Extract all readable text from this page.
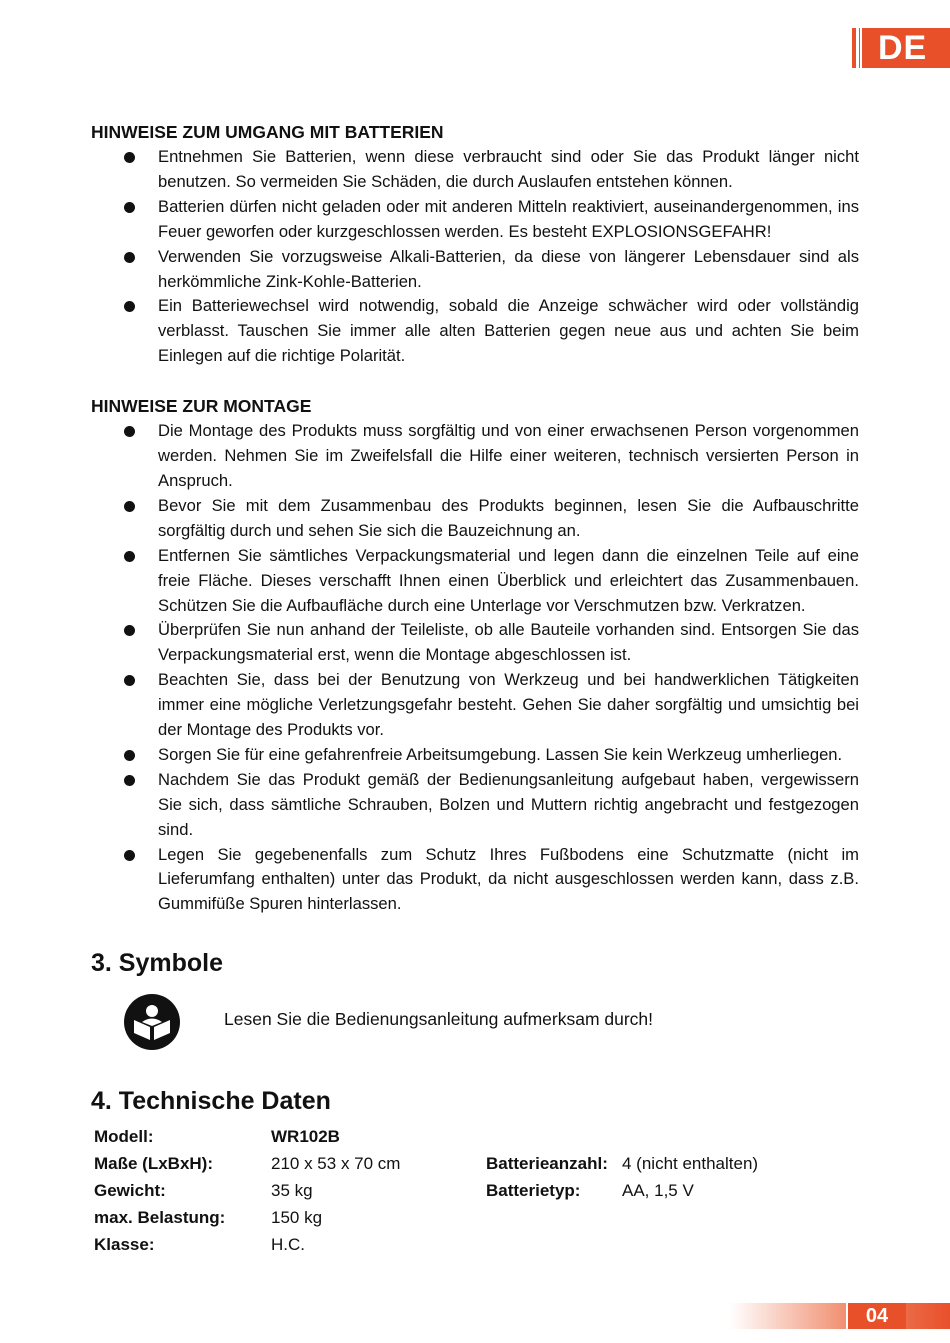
DE

HINWEISE ZUM UMGANG MIT BATTERIEN

Entnehmen Sie Batterien, wenn diese verbraucht sind oder Sie das Produkt länger nicht benutzen. So vermeiden Sie Schäden, die durch Auslaufen entstehen können.
Batterien dürfen nicht geladen oder mit anderen Mitteln reaktiviert, auseinandergenommen, ins Feuer geworfen oder kurzgeschlossen werden. Es besteht EXPLOSIONSGEFAHR!
Verwenden Sie vorzugsweise Alkali-Batterien, da diese von längerer Lebensdauer sind als herkömmliche Zink-Kohle-Batterien.
Ein Batteriewechsel wird notwendig, sobald die Anzeige schwächer wird oder vollständig verblasst. Tauschen Sie immer alle alten Batterien gegen neue aus und achten Sie beim Einlegen auf die richtige Polarität.

HINWEISE ZUR MONTAGE

Die Montage des Produkts muss sorgfältig und von einer erwachsenen Person vorgenommen werden. Nehmen Sie im Zweifelsfall die Hilfe einer weiteren, technisch versierten Person in Anspruch.
Bevor Sie mit dem Zusammenbau des Produkts beginnen, lesen Sie die Aufbauschritte sorgfältig durch und sehen Sie sich die Bauzeichnung an.
Entfernen Sie sämtliches Verpackungsmaterial und legen dann die einzelnen Teile auf eine freie Fläche. Dieses verschafft Ihnen einen Überblick und erleichtert das Zusammenbauen. Schützen Sie die Aufbaufläche durch eine Unterlage vor Verschmutzen bzw. Verkratzen.
Überprüfen Sie nun anhand der Teileliste, ob alle Bauteile vorhanden sind. Entsorgen Sie das Verpackungsmaterial erst, wenn die Montage abgeschlossen ist.
Beachten Sie, dass bei der Benutzung von Werkzeug und bei handwerklichen Tätigkeiten immer eine mögliche Verletzungsgefahr besteht. Gehen Sie daher sorgfältig und umsichtig bei der Montage des Produkts vor.
Sorgen Sie für eine gefahrenfreie Arbeitsumgebung. Lassen Sie kein Werkzeug umherliegen.
Nachdem Sie das Produkt gemäß der Bedienungsanleitung aufgebaut haben, vergewissern Sie sich, dass sämtliche Schrauben, Bolzen und Muttern richtig angebracht und festgezogen sind.
Legen Sie gegebenenfalls zum Schutz Ihres Fußbodens eine Schutzmatte (nicht im Lieferumfang enthalten) unter das Produkt, da nicht ausgeschlossen werden kann, dass z.B. Gummifüße Spuren hinterlassen.
3. Symbole
Lesen Sie die Bedienungsanleitung aufmerksam durch!
4. Technische Daten
Modell:	WR102B		
Maße (LxBxH):	210 x 53 x 70 cm	Batterieanzahl:	4 (nicht enthalten)
Gewicht:	35 kg	Batterietyp:	AA, 1,5 V
max. Belastung:	150 kg		
Klasse:	H.C.		
04
